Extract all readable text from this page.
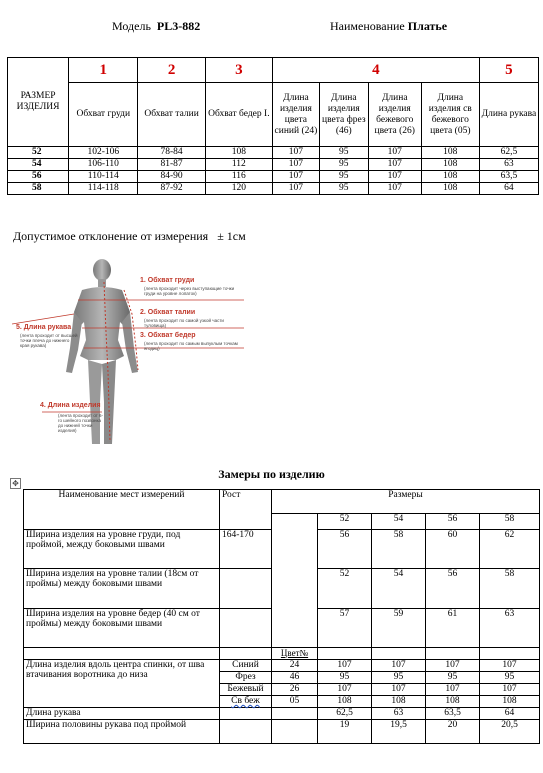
Модель PL3-882	Наименование Платье
РАЗМЕР ИЗДЕЛИЯ	1	2	3	4				5
	Обхват груди	Обхват талии	Обхват бедер I.	Длина изделия цвета синий (24)	Длина изделия цвета фрез (46)	Длина изделия бежевого цвета (26)	Длина изделия св бежевого цвета (05)	Длина рукава
52	102-106	78-84	108	107	95	107	108	62,5
54	106-110	81-87	112	107	95	107	108	63
56	110-114	84-90	116	107	95	107	108	63,5
58	114-118	87-92	120	107	95	107	108	64
Допустимое отклонение от измерения ± 1см
1. Обхват груди
(лента проходит через выступающие точки груди на уровне лопаток)
2. Обхват талии
(лента проходит по самой узкой части туловища)
3. Обхват бедер
(лента проходит по самым выпуклым точкам ягодиц)
5. Длина рукава
(лента проходит от высшей точки плеча до нижнего края рукава)
4. Длина изделия
(лента проходит от 6-го шейного позвонка до нижней точки изделия)
Замеры по изделию
✥
Наименование мест измерений	Рост	Размеры				
			52	54	56	58
Ширина изделия на уровне груди, под проймой, между боковыми швами	164-170		56	58	60	62
Ширина изделия на уровне талии (18см от проймы) между боковыми швами			52	54	56	58
Ширина изделия на уровне бедер (40 см от проймы) между боковыми швами			57	59	61	63
		Цвет№				
Длина изделия вдоль центра спинки, от шва втачивания воротника до низа	Синий	24	107	107	107	107
	Фрез	46	95	95	95	95
	Бежевый	26	107	107	107	107
	Св беж	05	108	108	108	108
Длина рукава			62,5	63	63,5	64
Ширина половины рукава под проймой			19	19,5	20	20,5
